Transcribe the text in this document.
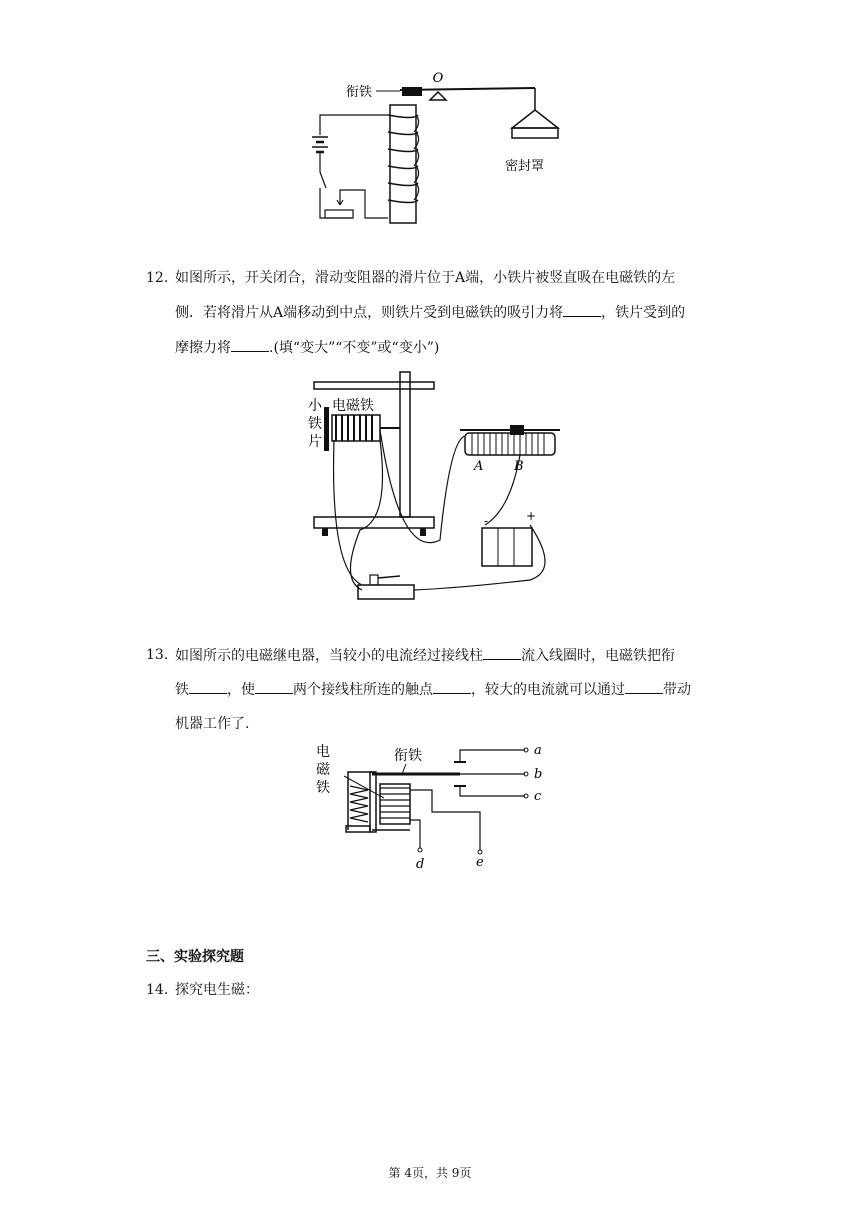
O
衔铁
密封罩
12. 如图所示，开关闭合，滑动变阻器的滑片位于A端，小铁片被竖直吸在电磁铁的左
侧．若将滑片从A端移动到中点，则铁片受到电磁铁的吸引力将	，铁片受到的
摩擦力将	.(填“变大”“不变”或“变小”)
小
铁
片
电磁铁
A B
-	+
13. 如图所示的电磁继电器，当较小的电流经过接线柱	流入线圈时，电磁铁把衔
铁	，使	两个接线柱所连的触点	，较大的电流就可以通过	带动
机器工作了.
电
磁
铁
衔铁	a
b
c
d	e
三、实验探究题
14. 探究电生磁：
第 4页，共 9页
